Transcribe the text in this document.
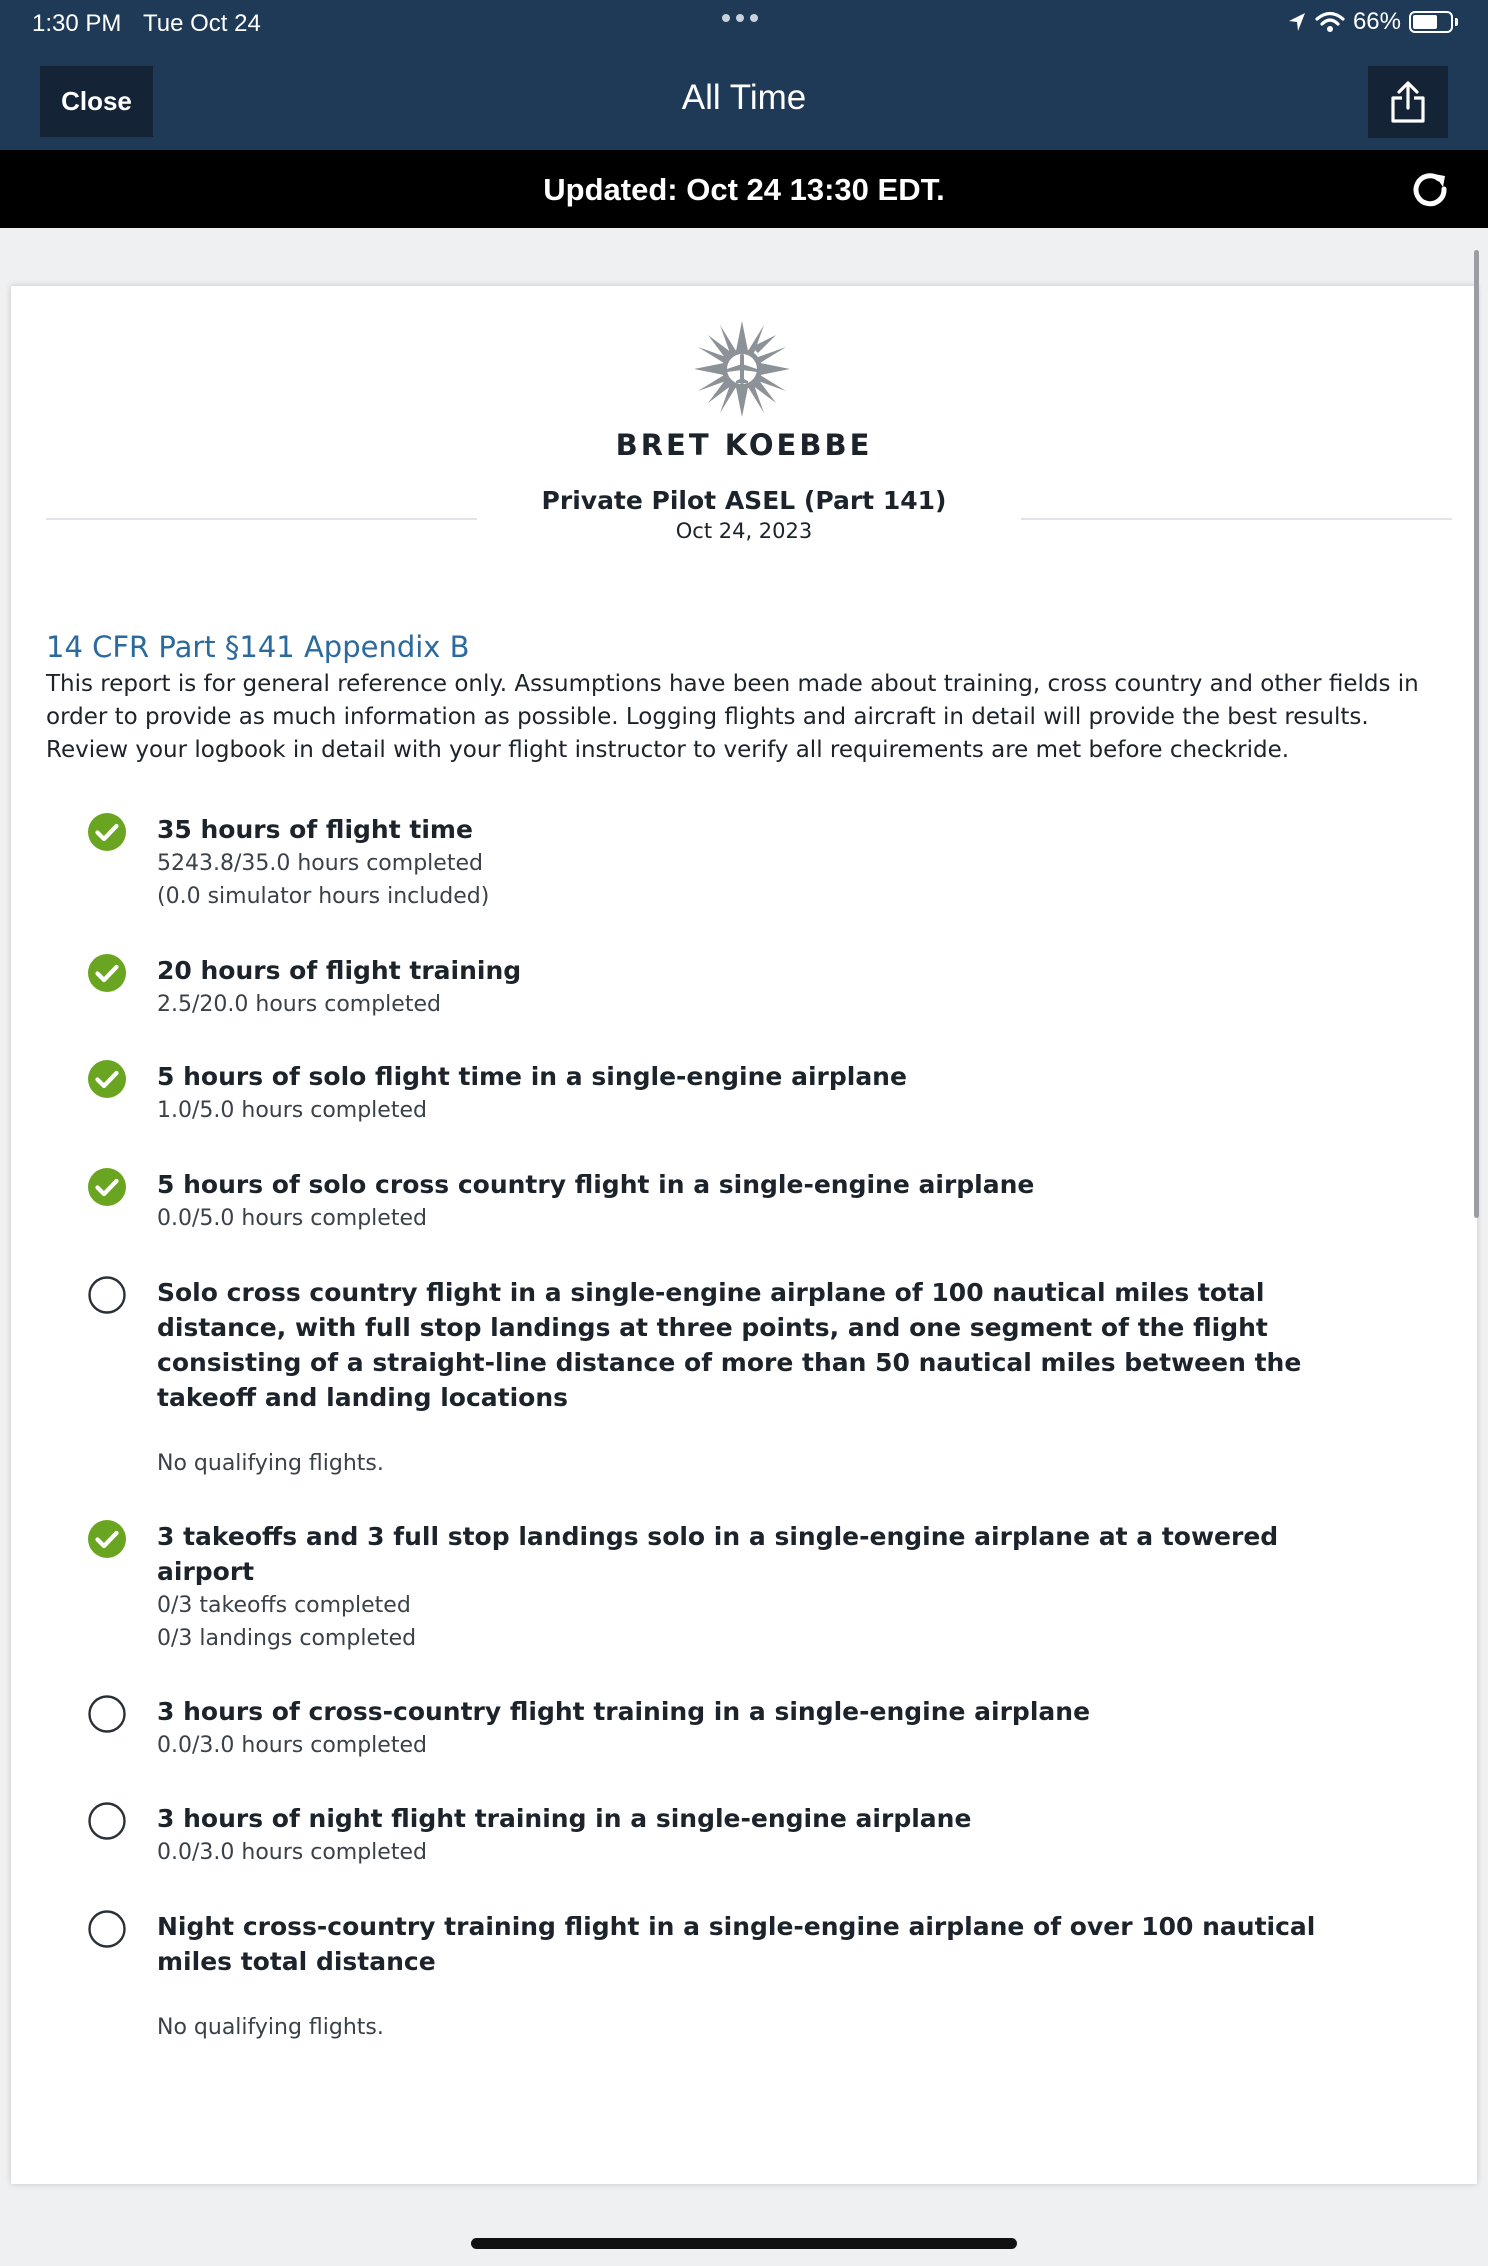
1:30 PM Tue Oct 24	66%
Close	All Time
Updated: Oct 24 13:30 EDT.
BRET KOEBBE
Private Pilot ASEL (Part 141)
Oct 24, 2023
14 CFR Part §141 Appendix B
This report is for general reference only. Assumptions have been made about training, cross country and other fields in order to provide as much information as possible. Logging flights and aircraft in detail will provide the best results. Review your logbook in detail with your flight instructor to verify all requirements are met before checkride.
35 hours of flight time
5243.8/35.0 hours completed
(0.0 simulator hours included)
20 hours of flight training
2.5/20.0 hours completed
5 hours of solo flight time in a single-engine airplane
1.0/5.0 hours completed
5 hours of solo cross country flight in a single-engine airplane
0.0/5.0 hours completed
Solo cross country flight in a single-engine airplane of 100 nautical miles total distance, with full stop landings at three points, and one segment of the flight consisting of a straight-line distance of more than 50 nautical miles between the takeoff and landing locations
No qualifying flights.
3 takeoffs and 3 full stop landings solo in a single-engine airplane at a towered airport
0/3 takeoffs completed
0/3 landings completed
3 hours of cross-country flight training in a single-engine airplane
0.0/3.0 hours completed
3 hours of night flight training in a single-engine airplane
0.0/3.0 hours completed
Night cross-country training flight in a single-engine airplane of over 100 nautical miles total distance
No qualifying flights.
